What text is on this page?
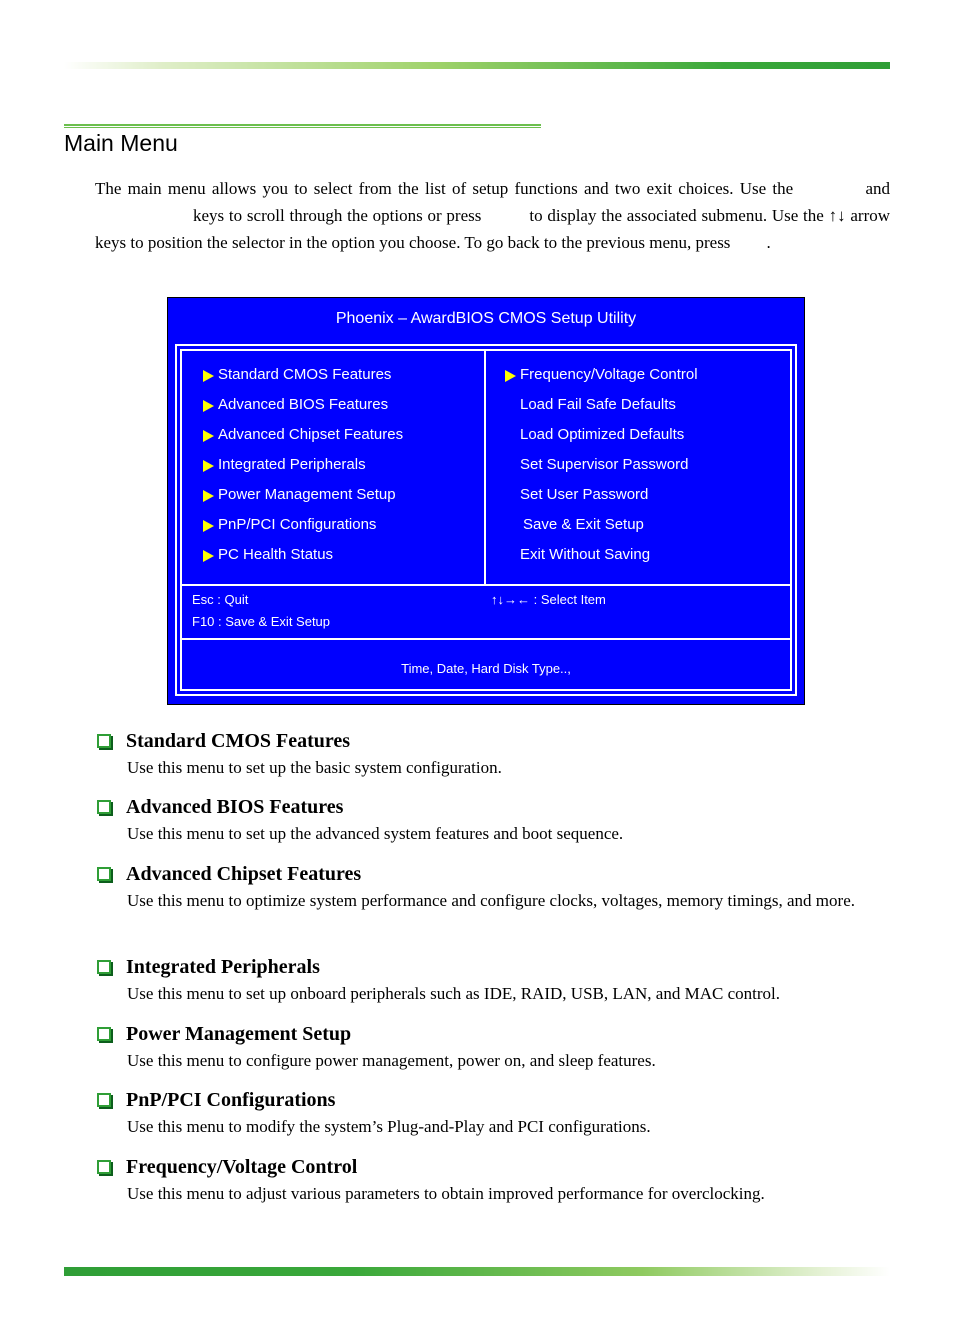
Main Menu

The main menu allows you to select from the list of setup functions and two exit choices. Use the	andkeys to scroll through the options or press	to display the associated submenu. Use the ↑↓ arrow keys to position the selector in the option you choose. To go back to the previous menu, press .

Phoenix – AwardBIOS CMOS Setup Utility
Standard CMOS Features
Advanced BIOS Features
Advanced Chipset Features
Integrated Peripherals
Power Management Setup
PnP/PCI Configurations
PC Health Status
Frequency/Voltage Control
Load Fail Safe Defaults
Load Optimized Defaults
Set Supervisor Password
Set User Password
Save & Exit Setup
Exit Without Saving
Esc : Quit
F10 : Save & Exit Setup
↑↓→← : Select Item
Time, Date, Hard Disk Type..,
Standard CMOS Features

Use this menu to set up the basic system configuration.

Advanced BIOS Features

Use this menu to set up the advanced system features and boot sequence.

Advanced Chipset Features

Use this menu to optimize system performance and configure clocks, voltages, memory timings, and more.

Integrated Peripherals

Use this menu to set up onboard peripherals such as IDE, RAID, USB, LAN, and MAC control.

Power Management Setup

Use this menu to configure power management, power on, and sleep features.

PnP/PCI Configurations

Use this menu to modify the system’s Plug-and-Play and PCI configurations.

Frequency/Voltage Control

Use this menu to adjust various parameters to obtain improved performance for overclocking.
